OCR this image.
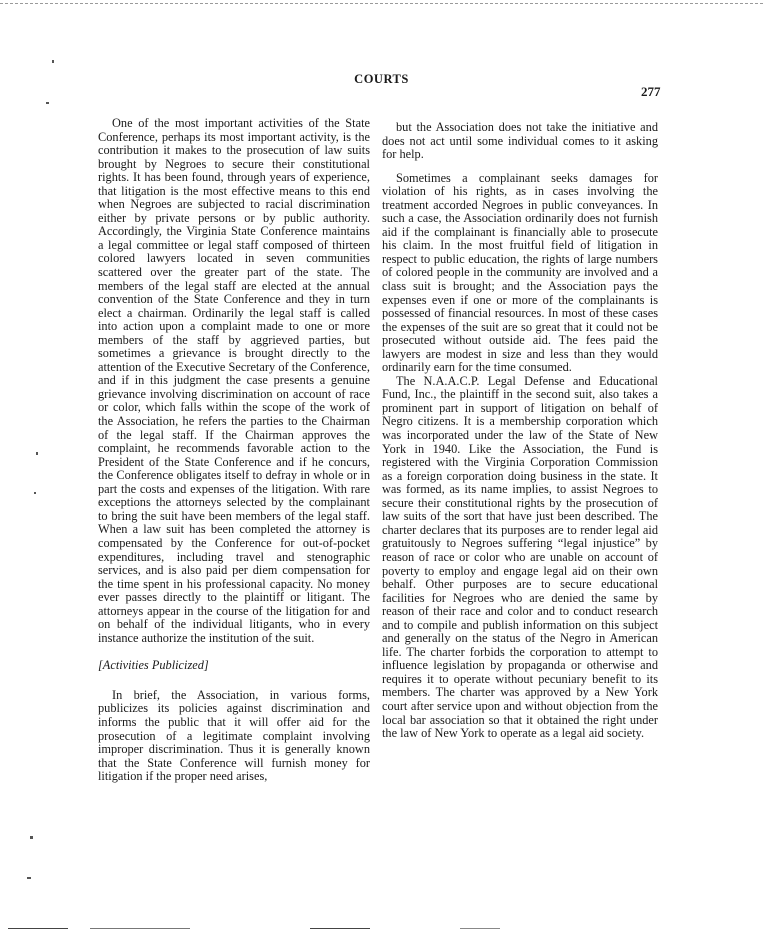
COURTS
277

One of the most important activities of the State Conference, perhaps its most important activity, is the contribution it makes to the prosecution of law suits brought by Negroes to secure their constitutional rights. It has been found, through years of experience, that litigation is the most effective means to this end when Negroes are subjected to racial discrimination either by private persons or by public authority. Accordingly, the Virginia State Conference maintains a legal committee or legal staff composed of thirteen colored lawyers located in seven communities scattered over the greater part of the state. The members of the legal staff are elected at the annual convention of the State Conference and they in turn elect a chairman. Ordinarily the legal staff is called into action upon a complaint made to one or more members of the staff by aggrieved parties, but sometimes a grievance is brought directly to the attention of the Executive Secretary of the Conference, and if in this judgment the case presents a genuine grievance involving discrimination on account of race or color, which falls within the scope of the work of the Association, he refers the parties to the Chairman of the legal staff. If the Chairman approves the complaint, he recommends favorable action to the President of the State Conference and if he concurs, the Conference obligates itself to defray in whole or in part the costs and expenses of the litigation. With rare exceptions the attorneys selected by the complainant to bring the suit have been members of the legal staff. When a law suit has been completed the attorney is compensated by the Conference for out-of-pocket expenditures, including travel and stenographic services, and is also paid per diem compensation for the time spent in his professional capacity. No money ever passes directly to the plaintiff or litigant. The attorneys appear in the course of the litigation for and on behalf of the individual litigants, who in every instance authorize the institution of the suit.

[Activities Publicized]

In brief, the Association, in various forms, publicizes its policies against discrimination and informs the public that it will offer aid for the prosecution of a legitimate complaint involving improper discrimination. Thus it is generally known that the State Conference will furnish money for litigation if the proper need arises,

but the Association does not take the initiative and does not act until some individual comes to it asking for help.

Sometimes a complainant seeks damages for violation of his rights, as in cases involving the treatment accorded Negroes in public conveyances. In such a case, the Association ordinarily does not furnish aid if the complainant is financially able to prosecute his claim. In the most fruitful field of litigation in respect to public education, the rights of large numbers of colored people in the community are involved and a class suit is brought; and the Association pays the expenses even if one or more of the complainants is possessed of financial resources. In most of these cases the expenses of the suit are so great that it could not be prosecuted without outside aid. The fees paid the lawyers are modest in size and less than they would ordinarily earn for the time consumed.

The N.A.A.C.P. Legal Defense and Educational Fund, Inc., the plaintiff in the second suit, also takes a prominent part in support of litigation on behalf of Negro citizens. It is a membership corporation which was incorporated under the law of the State of New York in 1940. Like the Association, the Fund is registered with the Virginia Corporation Commission as a foreign corporation doing business in the state. It was formed, as its name implies, to assist Negroes to secure their constitutional rights by the prosecution of law suits of the sort that have just been described. The charter declares that its purposes are to render legal aid gratuitously to Negroes suffering “legal injustice” by reason of race or color who are unable on account of poverty to employ and engage legal aid on their own behalf. Other purposes are to secure educational facilities for Negroes who are denied the same by reason of their race and color and to conduct research and to compile and publish information on this subject and generally on the status of the Negro in American life. The charter forbids the corporation to attempt to influence legislation by propaganda or otherwise and requires it to operate without pecuniary benefit to its members. The charter was approved by a New York court after service upon and without objection from the local bar association so that it obtained the right under the law of New York to operate as a legal aid society.
